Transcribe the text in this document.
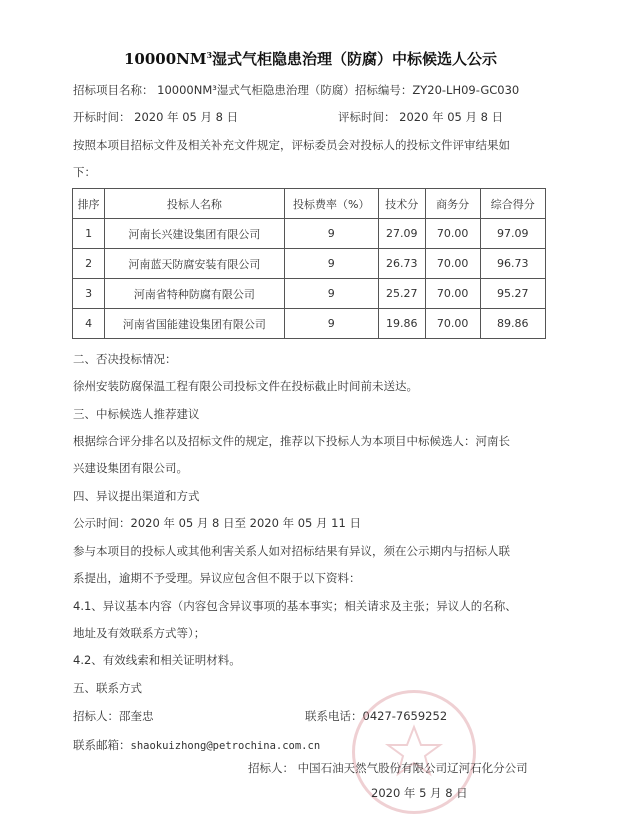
$10000NM^3$湿式气柜隐患治理（防腐）中标候选人公示
招标项目名称： 10000NM³湿式气柜隐患治理（防腐）招标编号：ZY20-LH09-GC030
开标时间： 2020 年 05 月 8 日	评标时间： 2020 年 05 月 8 日
按照本项目招标文件及相关补充文件规定，评标委员会对投标人的投标文件评审结果如
下：
排序	投标人名称	投标费率（%）	技术分	商务分	综合得分
1	河南长兴建设集团有限公司	9	27.09	70.00	97.09
2	河南蓝天防腐安装有限公司	9	26.73	70.00	96.73
3	河南省特种防腐有限公司	9	25.27	70.00	95.27
4	河南省国能建设集团有限公司	9	19.86	70.00	89.86
二、否决投标情况：
徐州安装防腐保温工程有限公司投标文件在投标截止时间前未送达。
三、中标候选人推荐建议
根据综合评分排名以及招标文件的规定，推荐以下投标人为本项目中标候选人：河南长
兴建设集团有限公司。
四、异议提出渠道和方式
公示时间：2020 年 05 月 8 日至 2020 年 05 月 11 日
参与本项目的投标人或其他利害关系人如对招标结果有异议，须在公示期内与招标人联
系提出，逾期不予受理。异议应包含但不限于以下资料：
4.1、异议基本内容（内容包含异议事项的基本事实；相关请求及主张；异议人的名称、
地址及有效联系方式等）；
4.2、有效线索和相关证明材料。
五、联系方式
招标人：邵奎忠	联系电话：0427-7659252
联系邮箱：shaokuizhong@petrochina.com.cn
招标人： 中国石油天然气股份有限公司辽河石化分公司
2020 年 5 月 8 日
